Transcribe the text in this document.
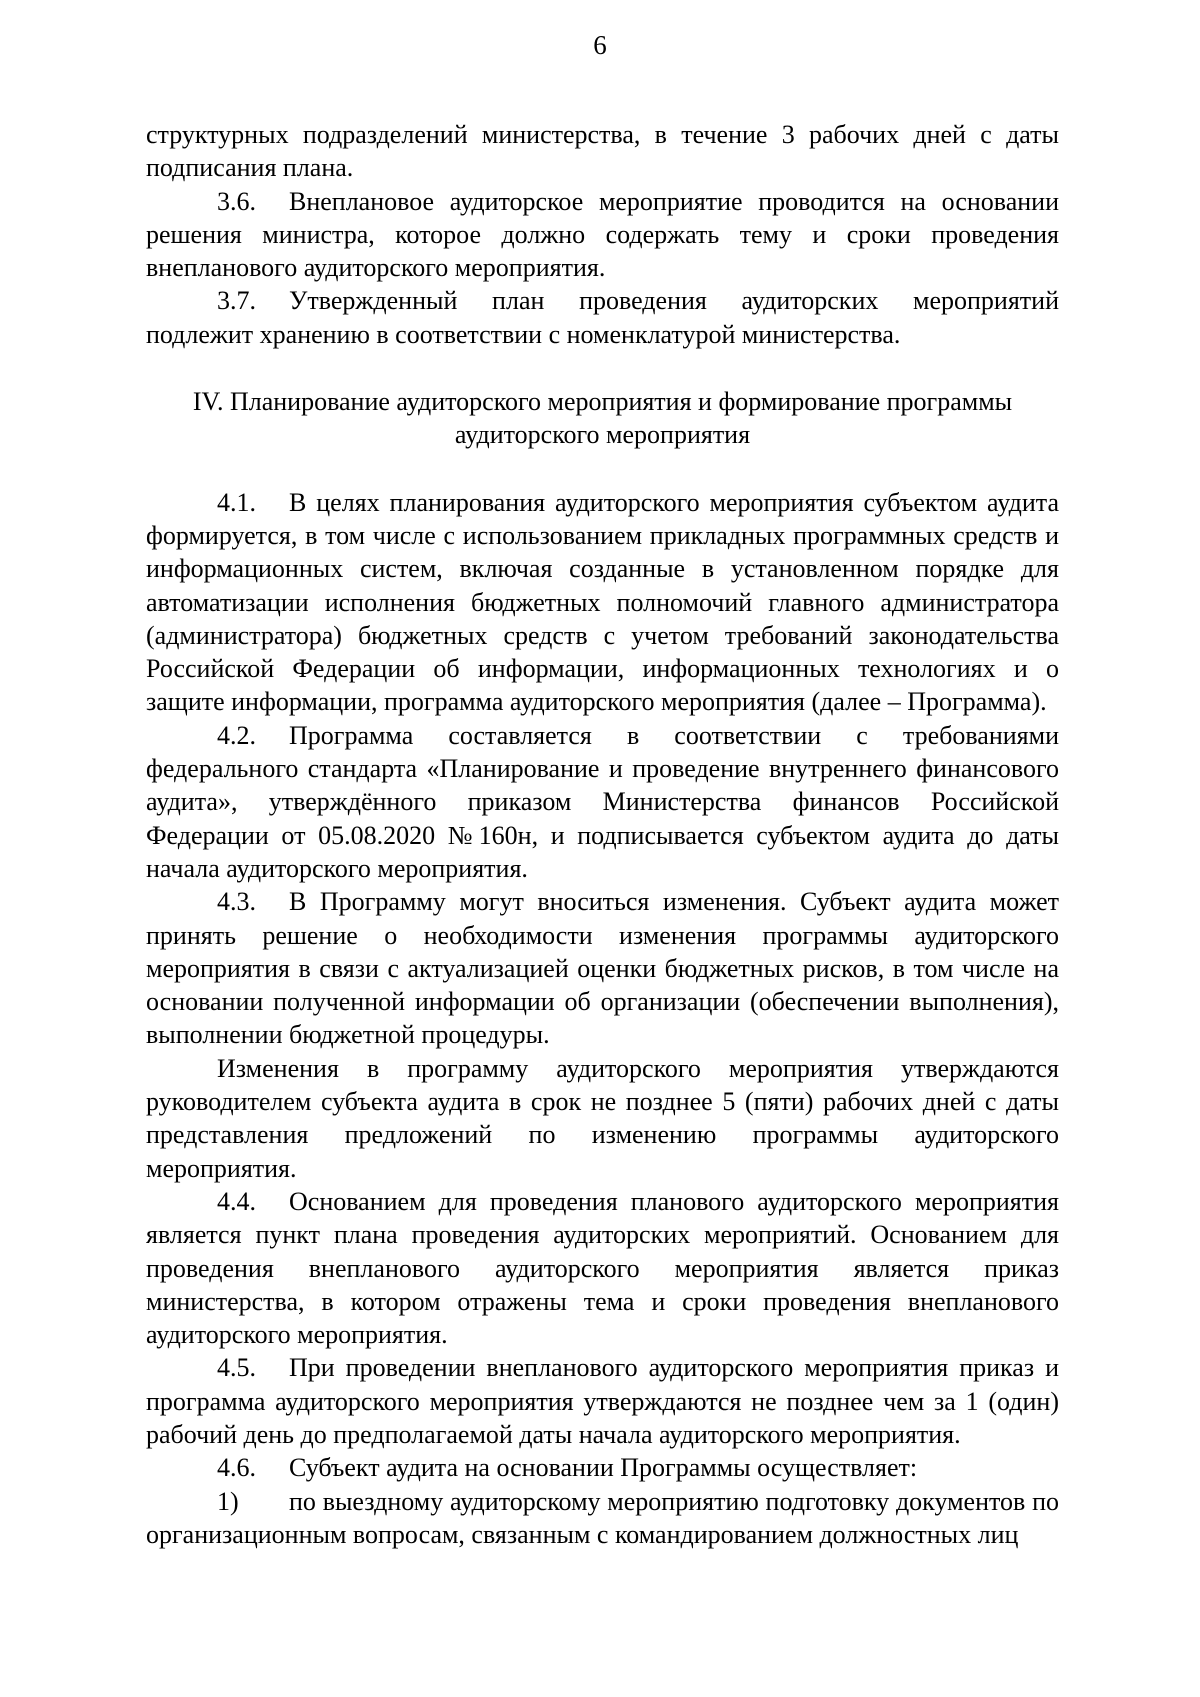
6

структурных подразделений министерства, в течение 3 рабочих дней с даты подписания плана.

3.6. Внеплановое аудиторское мероприятие проводится на основании решения министра, которое должно содержать тему и сроки проведения внепланового аудиторского мероприятия.

3.7. Утвержденный план проведения аудиторских мероприятий подлежит хранению в соответствии с номенклатурой министерства.

IV. Планирование аудиторского мероприятия и формирование программы
аудиторского мероприятия

4.1. В целях планирования аудиторского мероприятия субъектом аудита формируется, в том числе с использованием прикладных программных средств и информационных систем, включая созданные в установленном порядке для автоматизации исполнения бюджетных полномочий главного администратора (администратора) бюджетных средств с учетом требований законодательства Российской Федерации об информации, информационных технологиях и о защите информации, программа аудиторского мероприятия (далее – Программа).

4.2. Программа составляется в соответствии с требованиями федерального стандарта «Планирование и проведение внутреннего финансового аудита», утверждённого приказом Министерства финансов Российской Федерации от 05.08.2020 №160н, и подписывается субъектом аудита до даты начала аудиторского мероприятия.

4.3. В Программу могут вноситься изменения. Субъект аудита может принять решение о необходимости изменения программы аудиторского мероприятия в связи с актуализацией оценки бюджетных рисков, в том числе на основании полученной информации об организации (обеспечении выполнения), выполнении бюджетной процедуры.

Изменения в программу аудиторского мероприятия утверждаются руководителем субъекта аудита в срок не позднее 5 (пяти) рабочих дней с даты представления предложений по изменению программы аудиторского мероприятия.

4.4. Основанием для проведения планового аудиторского мероприятия является пункт плана проведения аудиторских мероприятий. Основанием для проведения внепланового аудиторского мероприятия является приказ министерства, в котором отражены тема и сроки проведения внепланового аудиторского мероприятия.

4.5. При проведении внепланового аудиторского мероприятия приказ и программа аудиторского мероприятия утверждаются не позднее чем за 1 (один) рабочий день до предполагаемой даты начала аудиторского мероприятия.

4.6. Субъект аудита на основании Программы осуществляет:

1) по выездному аудиторскому мероприятию подготовку документов по организационным вопросам, связанным с командированием должностных лиц
